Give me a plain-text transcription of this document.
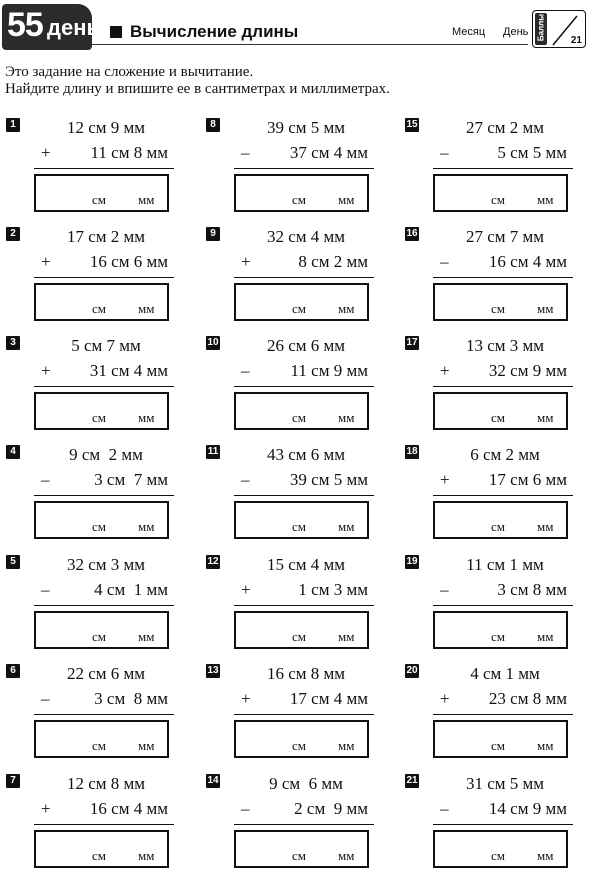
55 день Вычисление длины	Месяц День Баллы	21
Это задание на сложение и вычитание.
Найдите длину и впишите ее в сантиметрах и миллиметрах.
1	12 см 9 мм
+	11 см 8 мм
см мм
2	17 см 2 мм
+	16 см 6 мм
см мм
3	5 см 7 мм
+	31 см 4 мм
см мм
4	9 см  2 мм
–	3 см  7 мм
см мм
5	32 см 3 мм
–	4 см  1 мм
см мм
6	22 см 6 мм
–	3 см  8 мм
см мм
7	12 см 8 мм
+	16 см 4 мм
см мм
8	39 см 5 мм
–	37 см 4 мм
см мм
9	32 см 4 мм
+	8 см 2 мм
см мм
10	26 см 6 мм
–	11 см 9 мм
см мм
11	43 см 6 мм
–	39 см 5 мм
см мм
12	15 см 4 мм
+	1 см 3 мм
см мм
13	16 см 8 мм
+	17 см 4 мм
см мм
14	9 см  6 мм
–	2 см  9 мм
см мм
15	27 см 2 мм
–	5 см 5 мм
см мм
16	27 см 7 мм
–	16 см 4 мм
см мм
17	13 см 3 мм
+	32 см 9 мм
см мм
18	6 см 2 мм
+	17 см 6 мм
см мм
19	11 см 1 мм
–	3 см 8 мм
см мм
20	4 см 1 мм
+	23 см 8 мм
см мм
21	31 см 5 мм
–	14 см 9 мм
см мм
